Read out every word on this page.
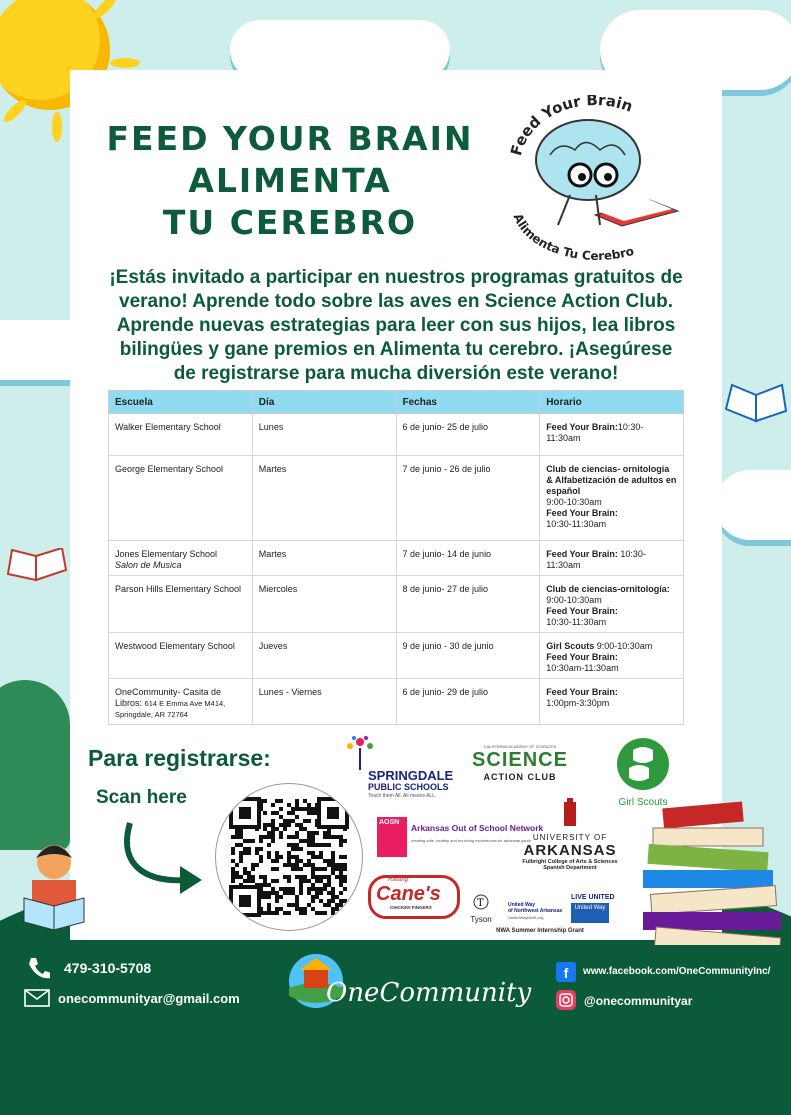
FEED YOUR BRAIN
ALIMENTA
TU CEREBRO
Feed Your Brain
Alimenta Tu Cerebro
¡Estás invitado a participar en nuestros programas gratuitos de verano! Aprende todo sobre las aves en Science Action Club. Aprende nuevas estrategias para leer con sus hijos, lea libros bilingües y gane premios en Alimenta tu cerebro. ¡Asegúrese de registrarse para mucha diversión este verano!
Escuela	Día	Fechas	Horario
Walker Elementary School	Lunes	6 de junio- 25 de julio	Feed Your Brain:10:30-11:30am
George Elementary School	Martes	7 de junio - 26 de julio	Club de ciencias- ornitología & Alfabetización de adultos en español
9:00-10:30am
Feed Your Brain:
10:30-11:30am

Jones Elementary School
Salon de Musica	Martes	7 de junio- 14 de junio	Feed Your Brain: 10:30-11:30am
Parson Hills Elementary School	Miercoles	8 de junio- 27 de julio	Club de ciencias-ornitología:
9:00-10:30am
Feed Your Brain:
10:30-11:30am

Westwood Elementary School	Jueves	9 de junio - 30 de junio	Girl Scouts 9:00-10:30am
Feed Your Brain:
10:30am-11:30am

OneCommunity- Casita de Libros: 614 E Emma Ave M414, Springdale, AR 72764	Lunes - Viernes	6 de junio- 29 de julio	Feed Your Brain:
1:00pm-3:30pm
Para registrarse:
Scan here
SPRINGDALE
PUBLIC SCHOOLS
Teach them All. All means ALL.
CALIFORNIA ACADEMY OF SCIENCES
SCIENCE
ACTION CLUB
Girl Scouts
AOSN
Arkansas Out of School Network
creating safe, healthy and enriching experiences for arkansas youth UNIVERSITY OF
ARKANSAS
Fulbright College of Arts & Sciences
Spanish Department
Raising
Cane's
CHICKEN FINGERS	T
Tyson
United Way
of Northwest Arkansas
UnitedWayNWA.org
LIVE UNITED
United Way
NWA Summer Internship Grant
479-310-5708
onecommunityar@gmail.com	OneCommunity
f	www.facebook.com/OneCommunityInc/
@onecommunityar
